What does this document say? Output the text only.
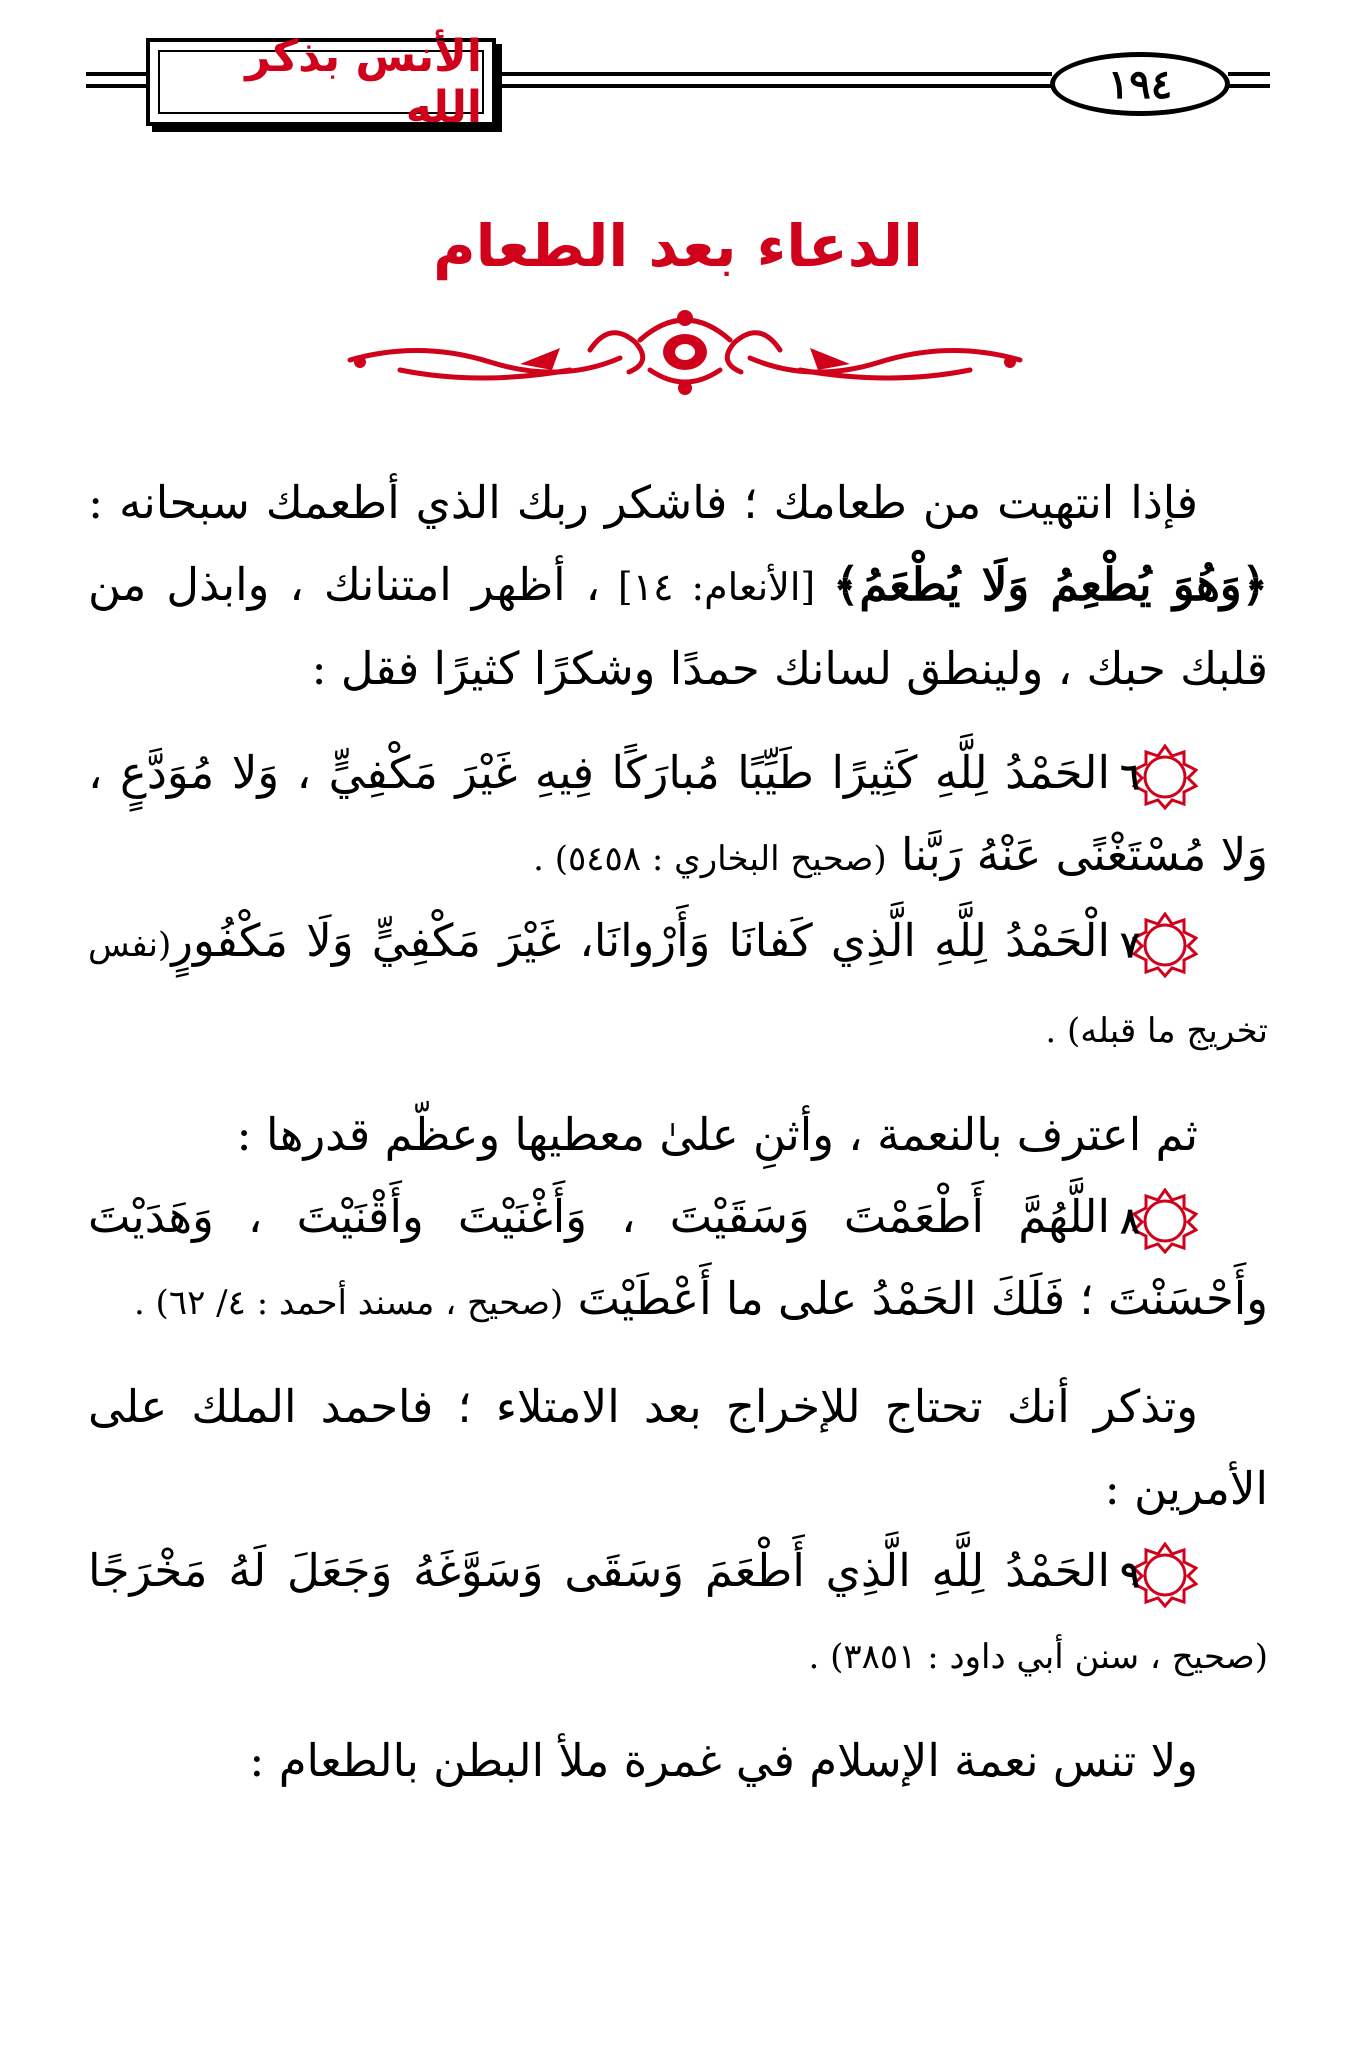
الأنس بذكر الله	١٩٤
الدعاء بعد الطعام

فإذا انتهيت من طعامك ؛ فاشكر ربك الذي أطعمك سبحانه : ﴿وَهُوَ يُطْعِمُ وَلَا يُطْعَمُ﴾ [الأنعام: ١٤] ، أظهر امتنانك ، وابذل من قلبك حبك ، ولينطق لسانك حمدًا وشكرًا كثيرًا فقل :

٦
الحَمْدُ لِلَّهِ كَثِيرًا طَيِّبًا مُبارَكًا فِيهِ غَيْرَ مَكْفِيٍّ ، وَلا مُوَدَّعٍ ، وَلا مُسْتَغْنًى عَنْهُ رَبَّنا (صحيح البخاري : ٥٤٥٨) .

٧
الْحَمْدُ لِلَّهِ الَّذِي كَفانَا وَأَرْوانَا، غَيْرَ مَكْفِيٍّ وَلَا مَكْفُورٍ(نفس تخريج ما قبله) .

ثم اعترف بالنعمة ، وأثنِ علىٰ معطيها وعظّم قدرها :

٨
اللَّهُمَّ أَطْعَمْتَ وَسَقَيْتَ ، وَأَغْنَيْتَ وأَقْنَيْتَ ، وَهَدَيْتَ وأَحْسَنْتَ ؛ فَلَكَ الحَمْدُ على ما أَعْطَيْتَ (صحيح ، مسند أحمد : ٤/ ٦٢) .

وتذكر أنك تحتاج للإخراج بعد الامتلاء ؛ فاحمد الملك على الأمرين :

٩
الحَمْدُ لِلَّهِ الَّذِي أَطْعَمَ وَسَقَى وَسَوَّغَهُ وَجَعَلَ لَهُ مَخْرَجًا (صحيح ، سنن أبي داود : ٣٨٥١) .

ولا تنس نعمة الإسلام في غمرة ملأ البطن بالطعام :
